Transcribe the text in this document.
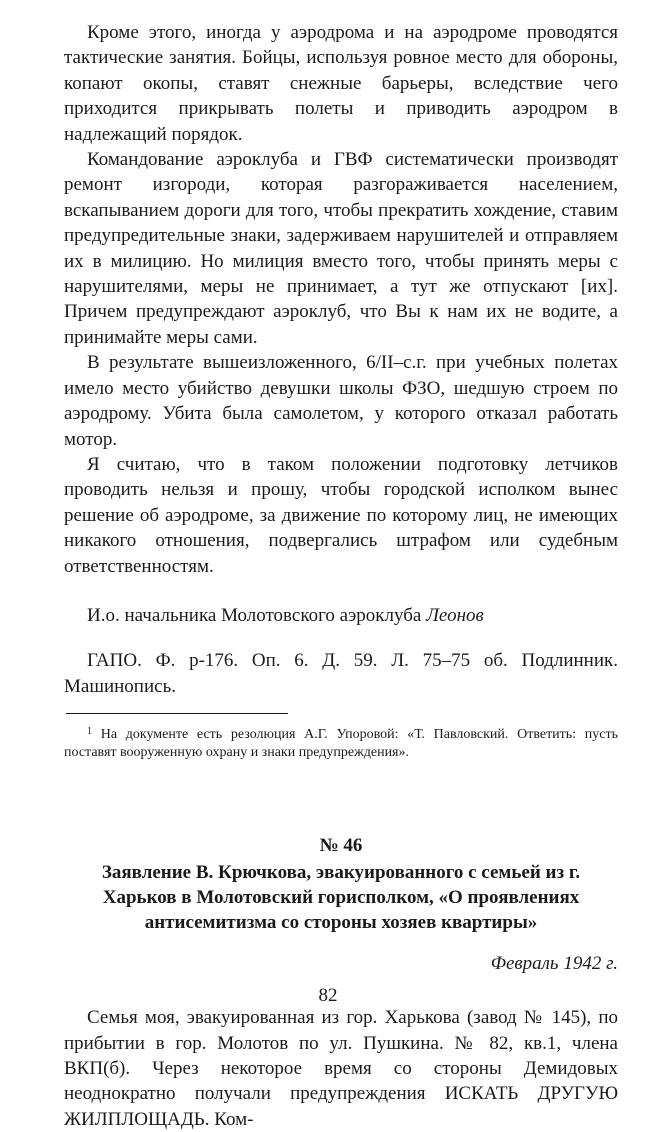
Кроме этого, иногда у аэродрома и на аэродроме проводятся тактические занятия. Бойцы, используя ровное место для обороны, копают окопы, ставят снежные барьеры, вследствие чего приходится прикрывать полеты и приводить аэродром в надлежащий порядок.

Командование аэроклуба и ГВФ систематически производят ремонт изгороди, которая разгораживается населением, вскапыванием дороги для того, чтобы прекратить хождение, ставим предупредительные знаки, задерживаем нарушителей и отправляем их в милицию. Но милиция вместо того, чтобы принять меры с нарушителями, меры не принимает, а тут же отпускают [их]. Причем предупреждают аэроклуб, что Вы к нам их не водите, а принимайте меры сами.

В результате вышеизложенного, 6/II–с.г. при учебных полетах имело место убийство девушки школы ФЗО, шедшую строем по аэродрому. Убита была самолетом, у которого отказал работать мотор.

Я считаю, что в таком положении подготовку летчиков проводить нельзя и прошу, чтобы городской исполком вынес решение об аэродроме, за движение по которому лиц, не имеющих никакого отношения, подвергались штрафом или судебным ответственностям.

И.о. начальника Молотовского аэроклуба Леонов

ГАПО. Ф. р-176. Оп. 6. Д. 59. Л. 75–75 об. Подлинник. Машинопись.

$^1$ На документе есть резолюция А.Г. Упоровой: «Т. Павловский. Ответить: пусть поставят вооруженную охрану и знаки предупреждения».

№ 46
Заявление В. Крючкова, эвакуированного с семьей из г. Харьков в Молотовский горисполком, «О проявлениях антисемитизма со стороны хозяев квартиры»
Февраль 1942 г.

Семья моя, эвакуированная из гор. Харькова (завод № 145), по прибытии в гор. Молотов по ул. Пушкина. № 82, кв.1, члена ВКП(б). Через некоторое время со стороны Демидовых неоднократно получали предупреждения ИСКАТЬ ДРУГУЮ ЖИЛПЛОЩАДЬ. Ком-

82
